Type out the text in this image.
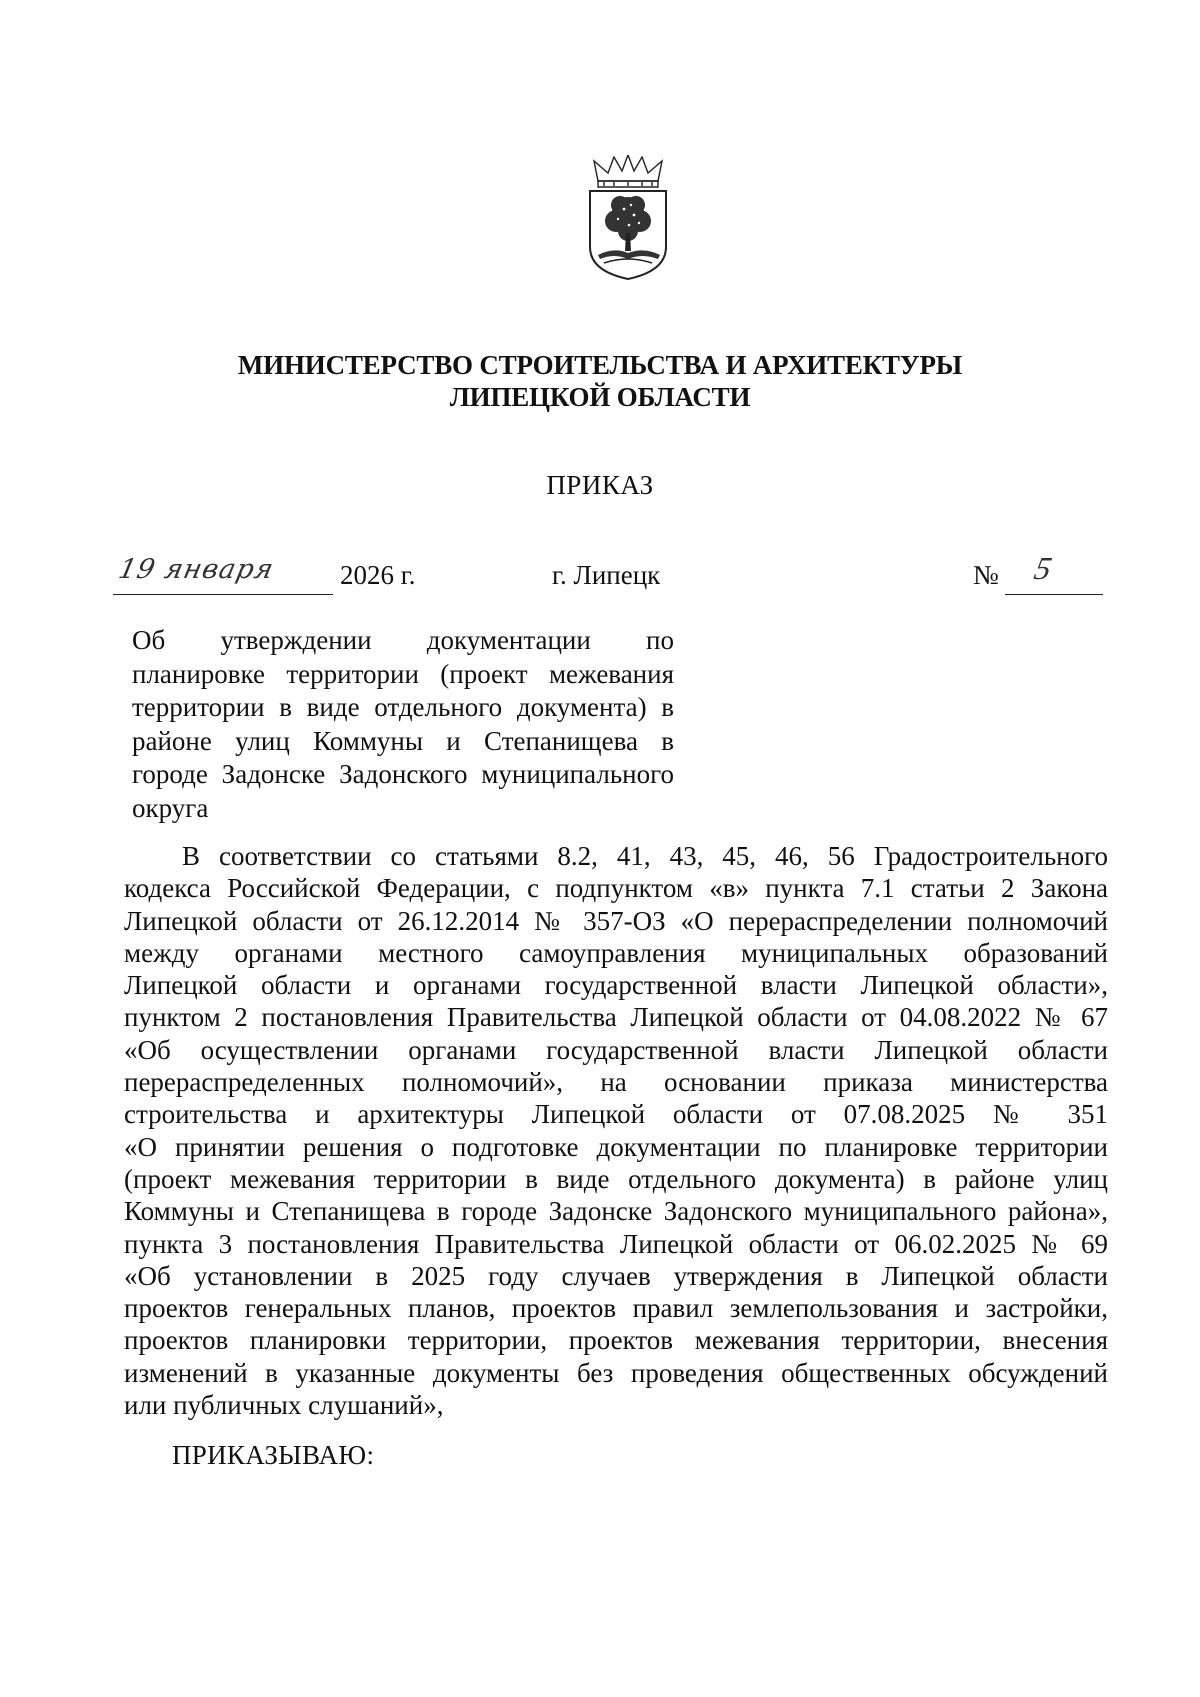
МИНИСТЕРСТВО СТРОИТЕЛЬСТВА И АРХИТЕКТУРЫ
ЛИПЕЦКОЙ ОБЛАСТИ
ПРИКАЗ
19 января 2026 г.	г. Липецк	№ 5
Об утверждении документации по
планировке территории (проект межевания
территории в виде отдельного документа) в
районе улиц Коммуны и Степанищева в
городе Задонске Задонского муниципального
округа
В соответствии со статьями 8.2, 41, 43, 45, 46, 56 Градостроительного
кодекса Российской Федерации, с подпунктом «в» пункта 7.1 статьи 2 Закона
Липецкой области от 26.12.2014 № 357-ОЗ «О перераспределении полномочий
между органами местного самоуправления муниципальных образований
Липецкой области и органами государственной власти Липецкой области»,
пунктом 2 постановления Правительства Липецкой области от 04.08.2022 № 67
«Об осуществлении органами государственной власти Липецкой области
перераспределенных полномочий», на основании приказа министерства
строительства и архитектуры Липецкой области от 07.08.2025 № 351
«О принятии решения о подготовке документации по планировке территории
(проект межевания территории в виде отдельного документа) в районе улиц
Коммуны и Степанищева в городе Задонске Задонского муниципального района»,
пункта 3 постановления Правительства Липецкой области от 06.02.2025 № 69
«Об установлении в 2025 году случаев утверждения в Липецкой области
проектов генеральных планов, проектов правил землепользования и застройки,
проектов планировки территории, проектов межевания территории, внесения
изменений в указанные документы без проведения общественных обсуждений
или публичных слушаний»,
ПРИКАЗЫВАЮ:
